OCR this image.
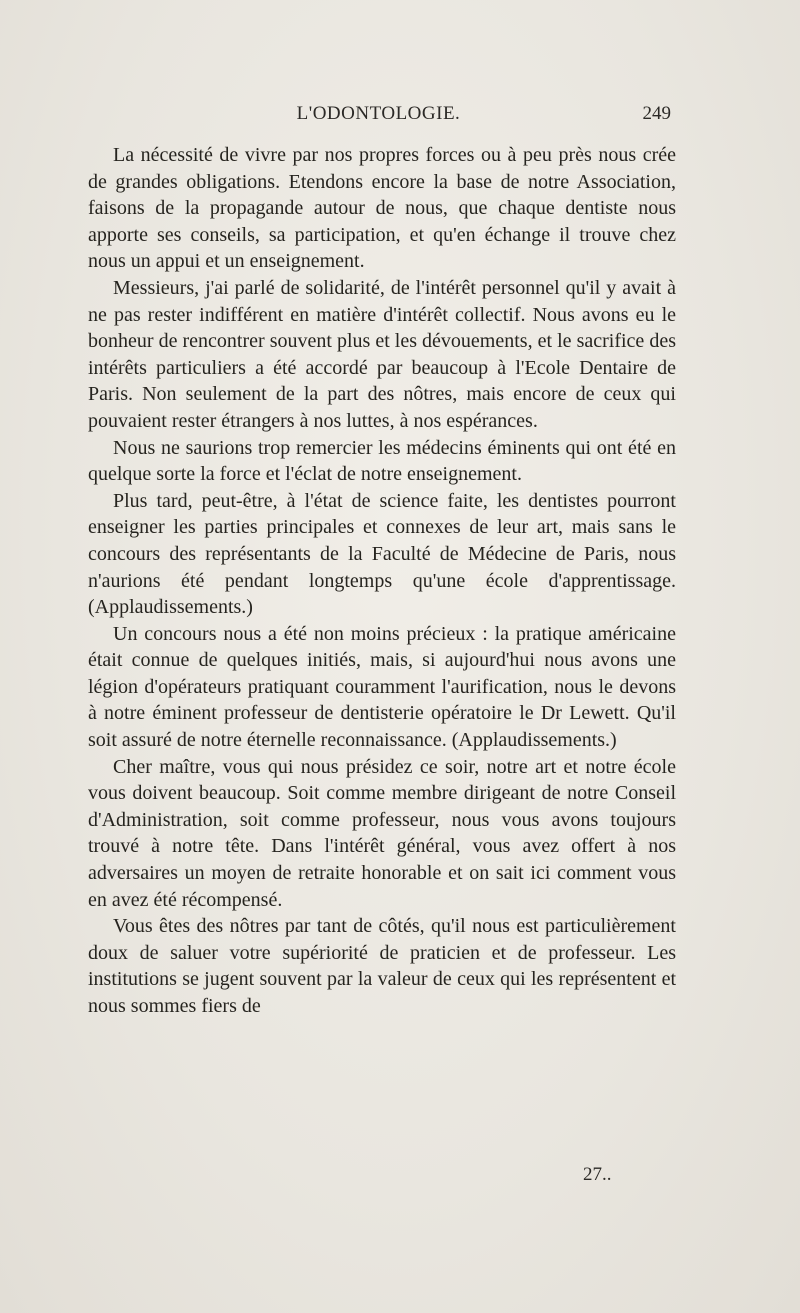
L'ODONTOLOGIE.	249

La nécessité de vivre par nos propres forces ou à peu près nous crée de grandes obligations. Etendons encore la base de notre Association, faisons de la propagande autour de nous, que chaque dentiste nous apporte ses conseils, sa participation, et qu'en échange il trouve chez nous un appui et un enseignement.

Messieurs, j'ai parlé de solidarité, de l'intérêt personnel qu'il y avait à ne pas rester indifférent en matière d'intérêt collectif. Nous avons eu le bonheur de rencontrer souvent plus et les dévouements, et le sacrifice des intérêts particuliers a été accordé par beaucoup à l'Ecole Dentaire de Paris. Non seulement de la part des nôtres, mais encore de ceux qui pouvaient rester étrangers à nos luttes, à nos espérances.

Nous ne saurions trop remercier les médecins éminents qui ont été en quelque sorte la force et l'éclat de notre enseignement.

Plus tard, peut-être, à l'état de science faite, les dentistes pourront enseigner les parties principales et connexes de leur art, mais sans le concours des représentants de la Faculté de Médecine de Paris, nous n'aurions été pendant longtemps qu'une école d'apprentissage. (Applaudissements.)

Un concours nous a été non moins précieux : la pratique américaine était connue de quelques initiés, mais, si aujourd'hui nous avons une légion d'opérateurs pratiquant couramment l'aurification, nous le devons à notre éminent professeur de dentisterie opératoire le Dr Lewett. Qu'il soit assuré de notre éternelle reconnaissance. (Applaudissements.)

Cher maître, vous qui nous présidez ce soir, notre art et notre école vous doivent beaucoup. Soit comme membre dirigeant de notre Conseil d'Administration, soit comme professeur, nous vous avons toujours trouvé à notre tête. Dans l'intérêt général, vous avez offert à nos adversaires un moyen de retraite honorable et on sait ici comment vous en avez été récompensé.

Vous êtes des nôtres par tant de côtés, qu'il nous est particulièrement doux de saluer votre supériorité de praticien et de professeur. Les institutions se jugent souvent par la valeur de ceux qui les représentent et nous sommes fiers de

27..
